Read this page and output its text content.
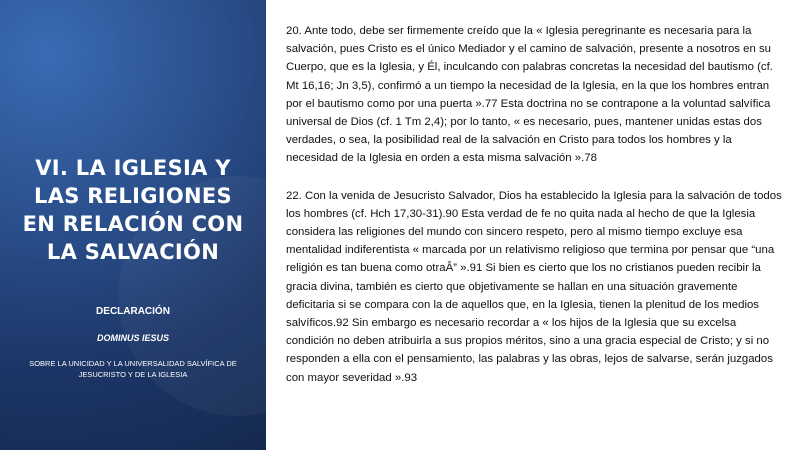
VI. LA IGLESIA Y
LAS RELIGIONES
EN RELACIÓN CON
LA SALVACIÓN
DECLARACIÓN
DOMINUS IESUS
SOBRE LA UNICIDAD Y LA UNIVERSALIDAD SALVÍFICA DE JESUCRISTO Y DE LA IGLESIA

20. Ante todo, debe ser firmemente creído que la « Iglesia peregrinante es necesaria para la salvación, pues Cristo es el único Mediador y el camino de salvación, presente a nosotros en su Cuerpo, que es la Iglesia, y Él, inculcando con palabras concretas la necesidad del bautismo (cf. Mt 16,16; Jn 3,5), confirmó a un tiempo la necesidad de la Iglesia, en la que los hombres entran por el bautismo como por una puerta ».77 Esta doctrina no se contrapone a la voluntad salvífica universal de Dios (cf. 1 Tm 2,4); por lo tanto, « es necesario, pues, mantener unidas estas dos verdades, o sea, la posibilidad real de la salvación en Cristo para todos los hombres y la necesidad de la Iglesia en orden a esta misma salvación ».78

22. Con la venida de Jesucristo Salvador, Dios ha establecido la Iglesia para la salvación de todos los hombres (cf. Hch 17,30-31).90 Esta verdad de fe no quita nada al hecho de que la Iglesia considera las religiones del mundo con sincero respeto, pero al mismo tiempo excluye esa mentalidad indiferentista « marcada por un relativismo religioso que termina por pensar que “una religión es tan buena como otraÂ” ».91 Si bien es cierto que los no cristianos pueden recibir la gracia divina, también es cierto que objetivamente se hallan en una situación gravemente deficitaria si se compara con la de aquellos que, en la Iglesia, tienen la plenitud de los medios salvíficos.92 Sin embargo es necesario recordar a « los hijos de la Iglesia que su excelsa condición no deben atribuirla a sus propios méritos, sino a una gracia especial de Cristo; y si no responden a ella con el pensamiento, las palabras y las obras, lejos de salvarse, serán juzgados con mayor severidad ».93
